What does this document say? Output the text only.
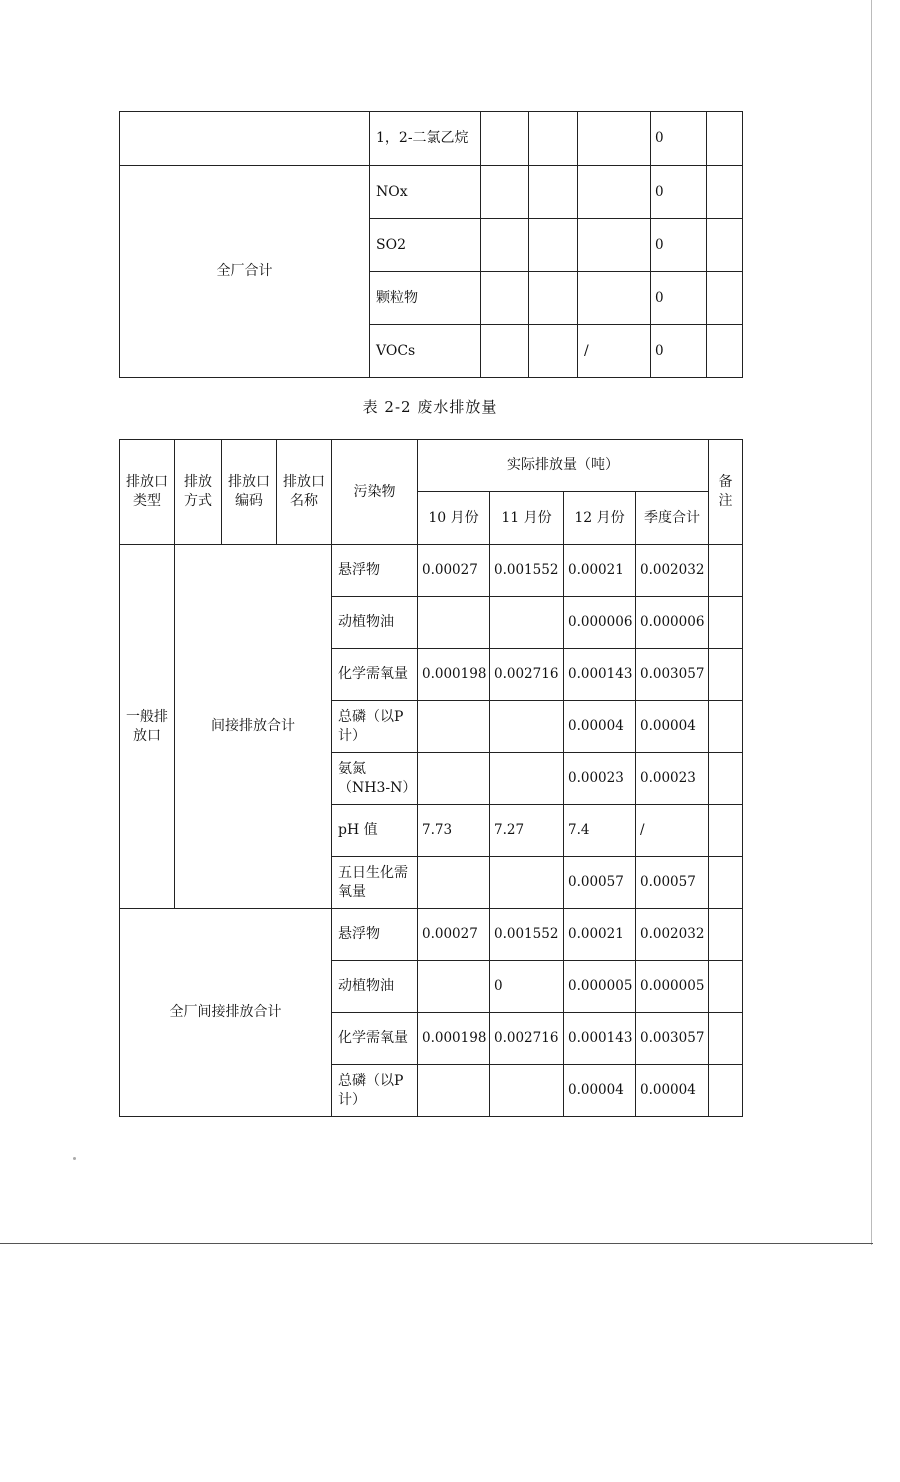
	1，2-二氯乙烷				0	
全厂合计	NOx				0	
	SO2				0	
	颗粒物				0	
	VOCs			/	0	
表 2-2 废水排放量
排放口类型	排放方式	排放口编码	排放口名称	污染物	实际排放量（吨）				备注
					10 月份	11 月份	12 月份	季度合计	
一般排放口	间接排放合计			悬浮物	0.00027	0.001552	0.00021	0.002032	
				动植物油			0.000006	0.000006	
				化学需氧量	0.000198	0.002716	0.000143	0.003057	
				总磷（以P计）			0.00004	0.00004	
				氨氮（NH3-N）			0.00023	0.00023	
				pH 值	7.73	7.27	7.4	/	
				五日生化需氧量			0.00057	0.00057	
全厂间接排放合计				悬浮物	0.00027	0.001552	0.00021	0.002032	
				动植物油		0	0.000005	0.000005	
				化学需氧量	0.000198	0.002716	0.000143	0.003057	
				总磷（以P计）			0.00004	0.00004	
